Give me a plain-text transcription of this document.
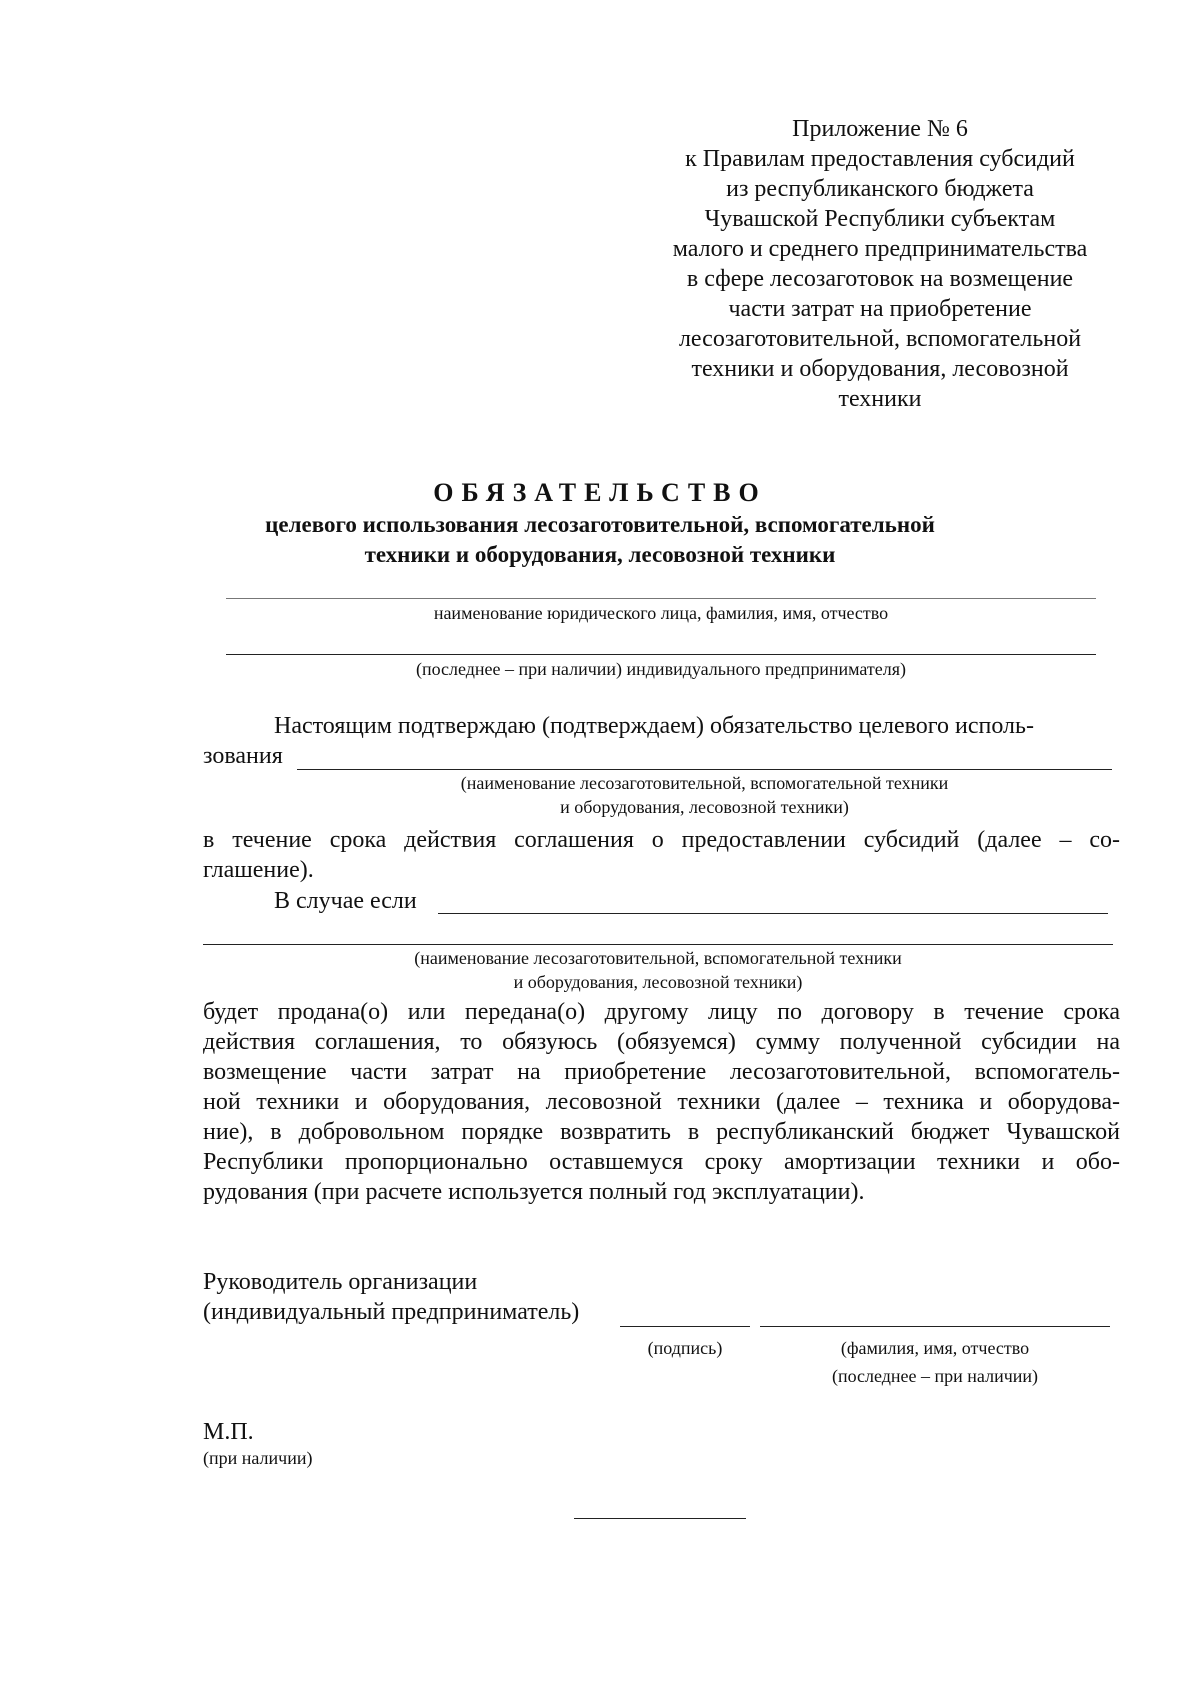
Приложение № 6
к Правилам предоставления субсидий
из республиканского бюджета
Чувашской Республики субъектам
малого и среднего предпринимательства
в сфере лесозаготовок на возмещение
части затрат на приобретение
лесозаготовительной, вспомогательной
техники и оборудования, лесовозной
техники
ОБЯЗАТЕЛЬСТВО
целевого использования лесозаготовительной, вспомогательной
техники и оборудования, лесовозной техники
наименование юридического лица, фамилия, имя, отчество
(последнее – при наличии) индивидуального предпринимателя)
Настоящим подтверждаю (подтверждаем) обязательство целевого исполь-
зования
(наименование лесозаготовительной, вспомогательной техники
и оборудования, лесовозной техники)
в течение срока действия соглашения о предоставлении субсидий (далее – со-
глашение).
В случае если
(наименование лесозаготовительной, вспомогательной техники
и оборудования, лесовозной техники)
будет продана(о) или передана(о) другому лицу по договору в течение срока
действия соглашения, то обязуюсь (обязуемся) сумму полученной субсидии на
возмещение части затрат на приобретение лесозаготовительной, вспомогатель-
ной техники и оборудования, лесовозной техники (далее – техника и оборудова-
ние), в добровольном порядке возвратить в республиканский бюджет Чувашской
Республики пропорционально оставшемуся сроку амортизации техники и обо-
рудования (при расчете используется полный год эксплуатации).
Руководитель организации
(индивидуальный предприниматель)
(подпись)	(фамилия, имя, отчество
(последнее – при наличии)
М.П.
(при наличии)
